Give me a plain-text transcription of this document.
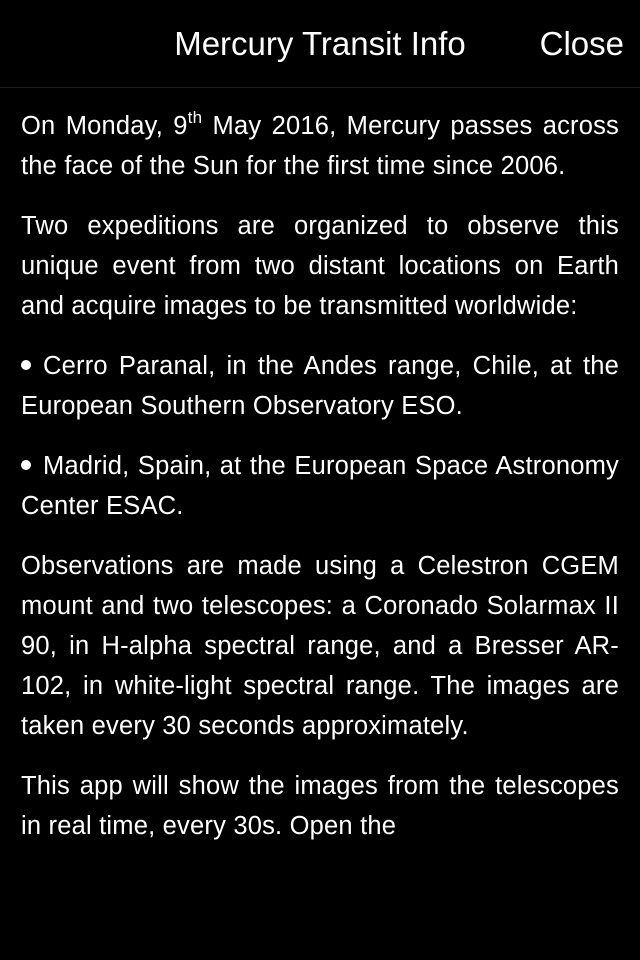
Mercury Transit Info	Close

On Monday, 9th May 2016, Mercury passes across the face of the Sun for the first time since 2006.

Two expeditions are organized to observe this unique event from two distant locations on Earth and acquire images to be transmitted worldwide:

Cerro Paranal, in the Andes range, Chile, at the European Southern Observatory ESO.
Madrid, Spain, at the European Space Astronomy Center ESAC.

Observations are made using a Celestron CGEM mount and two telescopes: a Coronado Solarmax II 90, in H-alpha spectral range, and a Bresser AR-102, in white-light spectral range. The images are taken every 30 seconds approximately.

This app will show the images from the telescopes in real time, every 30s. Open the
